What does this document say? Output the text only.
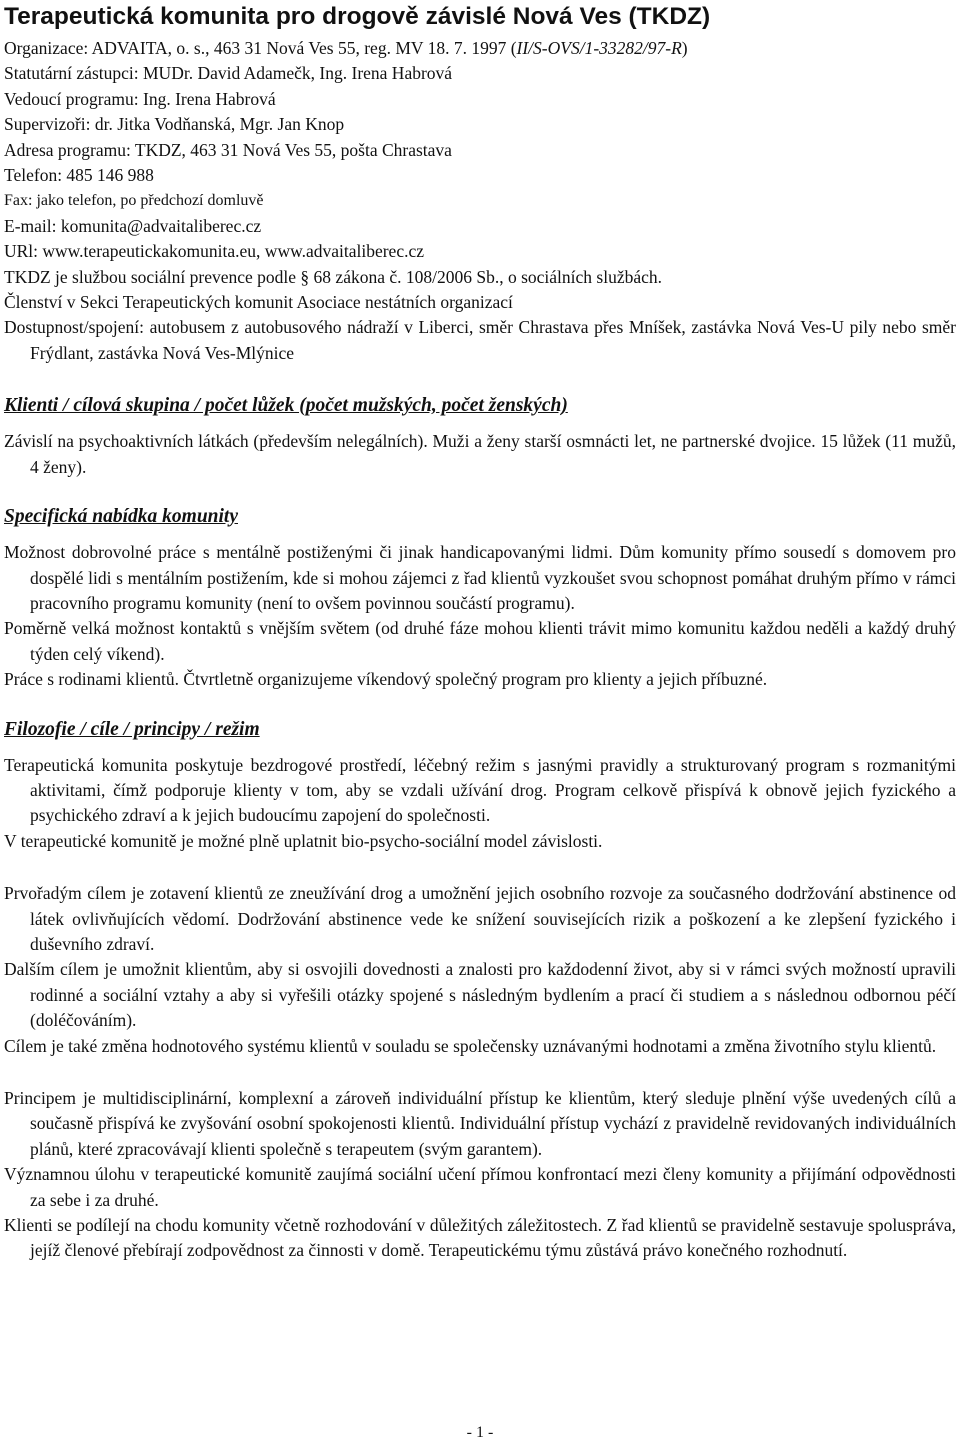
Terapeutická komunita pro drogově závislé Nová Ves (TKDZ)

Organizace: ADVAITA, o. s., 463 31 Nová Ves 55, reg. MV 18. 7. 1997 (II/S-OVS/1-33282/97-R)

Statutární zástupci: MUDr. David Adamečk, Ing. Irena Habrová

Vedoucí programu: Ing. Irena Habrová

Supervizoři: dr. Jitka Vodňanská, Mgr. Jan Knop

Adresa programu: TKDZ, 463 31 Nová Ves 55, pošta Chrastava

Telefon: 485 146 988

Fax: jako telefon, po předchozí domluvě

E-mail: komunita@advaitaliberec.cz

URl: www.terapeutickakomunita.eu, www.advaitaliberec.cz

TKDZ je službou sociální prevence podle § 68 zákona č. 108/2006 Sb., o sociálních službách.

Členství v Sekci Terapeutických komunit Asociace nestátních organizací

Dostupnost/spojení: autobusem z autobusového nádraží v Liberci, směr Chrastava přes Mníšek, zastávka Nová Ves-U pily nebo směr Frýdlant, zastávka Nová Ves-Mlýnice

Klienti / cílová skupina / počet lůžek (počet mužských, počet ženských)

Závislí na psychoaktivních látkách (především nelegálních). Muži a ženy starší osmnácti let, ne partnerské dvojice. 15 lůžek (11 mužů, 4 ženy).

Specifická nabídka komunity

Možnost dobrovolné práce s mentálně postiženými či jinak handicapovanými lidmi. Dům komunity přímo sousedí s domovem pro dospělé lidi s mentálním postižením, kde si mohou zájemci z řad klientů vyzkoušet svou schopnost pomáhat druhým přímo v rámci pracovního programu komunity (není to ovšem povinnou součástí programu).

Poměrně velká možnost kontaktů s vnějším světem (od druhé fáze mohou klienti trávit mimo komunitu každou neděli a každý druhý týden celý víkend).

Práce s rodinami klientů. Čtvrtletně organizujeme víkendový společný program pro klienty a jejich příbuzné.

Filozofie / cíle / principy / režim

Terapeutická komunita poskytuje bezdrogové prostředí, léčebný režim s jasnými pravidly a strukturovaný program s rozmanitými aktivitami, čímž podporuje klienty v tom, aby se vzdali užívání drog. Program celkově přispívá k obnově jejich fyzického a psychického zdraví a k jejich budoucímu zapojení do společnosti.

V terapeutické komunitě je možné plně uplatnit bio-psycho-sociální model závislosti.

Prvořadým cílem je zotavení klientů ze zneužívání drog a umožnění jejich osobního rozvoje za současného dodržování abstinence od látek ovlivňujících vědomí. Dodržování abstinence vede ke snížení souvisejících rizik a poškození a ke zlepšení fyzického i duševního zdraví.

Dalším cílem je umožnit klientům, aby si osvojili dovednosti a znalosti pro každodenní život, aby si v rámci svých možností upravili rodinné a sociální vztahy a aby si vyřešili otázky spojené s následným bydlením a prací či studiem a s následnou odbornou péčí (doléčováním).

Cílem je také změna hodnotového systému klientů v souladu se společensky uznávanými hodnotami a změna životního stylu klientů.

Principem je multidisciplinární, komplexní a zároveň individuální přístup ke klientům, který sleduje plnění výše uvedených cílů a současně přispívá ke zvyšování osobní spokojenosti klientů. Individuální přístup vychází z pravidelně revidovaných individuálních plánů, které zpracovávají klienti společně s terapeutem (svým garantem).

Významnou úlohu v terapeutické komunitě zaujímá sociální učení přímou konfrontací mezi členy komunity a přijímání odpovědnosti za sebe i za druhé.

Klienti se podílejí na chodu komunity včetně rozhodování v důležitých záležitostech. Z řad klientů se pravidelně sestavuje spolusprávа, jejíž členové přebírají zodpovědnost za činnosti v domě. Terapeutickému týmu zůstává právo konečného rozhodnutí.

- 1 -
